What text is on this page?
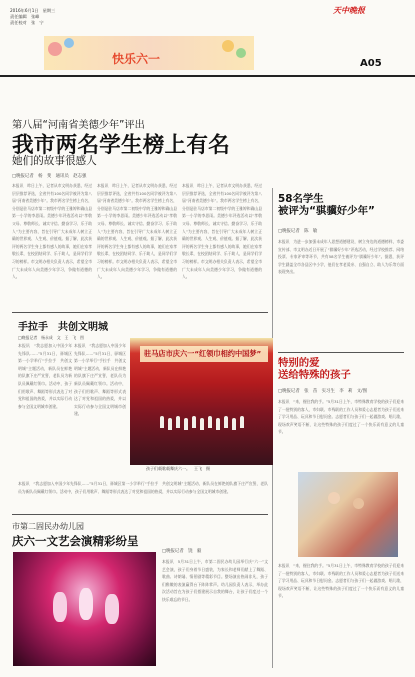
2016年6月1日　星期三
责任编辑　张峰
责任校对　张　宁
快乐六一
天中晚报
A05
第八届“河南省美德少年”评出
我市两名学生榜上有名
她们的故事很感人
□晚报记者　杨　斐　通讯员　赵志强
本报讯　昨日上午，记者从市文明办获悉，经过层层推荐评选，全省共有100名同学被评为第八届“河南省美德少年”。我市两名学生榜上有名，分别是驻马店市第二初级中学的王雅婷和确山县第一小学的李思雨。美德少年评选活动以“孝敬父母、尊敬师长、诚实守信、勤奋学习、乐于助人”为主要内容，旨在引导广大未成年人树立正确的世界观、人生观、价值观。据了解，此次获评的两名学生身上都有感人的故事，她们在家孝敬长辈，在校团结同学、乐于助人，是同学们学习的榜样。市文明办相关负责人表示，希望全市广大未成年人向美德少年学习，争做有道德的人。
本报讯　昨日上午，记者从市文明办获悉，经过层层推荐评选，全省共有100名同学被评为第八届“河南省美德少年”。我市两名学生榜上有名，分别是驻马店市第二初级中学的王雅婷和确山县第一小学的李思雨。美德少年评选活动以“孝敬父母、尊敬师长、诚实守信、勤奋学习、乐于助人”为主要内容，旨在引导广大未成年人树立正确的世界观、人生观、价值观。据了解，此次获评的两名学生身上都有感人的故事，她们在家孝敬长辈，在校团结同学、乐于助人，是同学们学习的榜样。市文明办相关负责人表示，希望全市广大未成年人向美德少年学习，争做有道德的人。
本报讯　昨日上午，记者从市文明办获悉，经过层层推荐评选，全省共有100名同学被评为第八届“河南省美德少年”。我市两名学生榜上有名，分别是驻马店市第二初级中学的王雅婷和确山县第一小学的李思雨。美德少年评选活动以“孝敬父母、尊敬师长、诚实守信、勤奋学习、乐于助人”为主要内容，旨在引导广大未成年人树立正确的世界观、人生观、价值观。据了解，此次获评的两名学生身上都有感人的故事，她们在家孝敬长辈，在校团结同学、乐于助人，是同学们学习的榜样。市文明办相关负责人表示，希望全市广大未成年人向美德少年学习，争做有道德的人。
58名学生
被评为“骐骥好少年”
□晚报记者　陈　敏
本报讯　为进一步加强未成年人思想道德建设，树立身边的道德榜样，市委宣传部、市文明办近日开展了“骐骥好少年”评选活动，经过学校推荐、网络投票、专家评审等环节，共有58名学生被评为“骐骥好少年”。据悉，获评学生涵盖全市各县区中小学，他们在孝老爱亲、自强自立、助人为乐等方面表现突出。
特别的爱
送给特殊的孩子
□晚报记者　张　苗　实习生　李　莉　文/图
本报讯　“来，握住我的手。”5月31日上午，市特殊教育学校的孩子们迎来了一批特别的客人，市妇联、市残联的工作人员和爱心志愿者为孩子们送来了学习用品、玩具和节日慰问金。志愿者们与孩子们一起做游戏、唱儿歌，现场欢声笑语不断，让这些特殊的孩子们度过了一个快乐而有意义的儿童节。
本报讯　“来，握住我的手。”5月31日上午，市特殊教育学校的孩子们迎来了一批特别的客人，市妇联、市残联的工作人员和爱心志愿者为孩子们送来了学习用品、玩具和节日慰问金。志愿者们与孩子们一起做游戏、唱儿歌，现场欢声笑语不断，让这些特殊的孩子们度过了一个快乐而有意义的儿童节。
手拉手　共创文明城
□晚报记者　杨永成　文　王　飞　图
本报讯　“我志愿加入中国少年先锋队……”5月31日，驿城区第一小学举行“手拉手　共创文明城”主题活动，新队员在鲜艳的队旗下庄严宣誓，老队员为新队员佩戴红领巾。活动中，孩子们用歌声、舞蹈等形式表达了对党和祖国的热爱，并以实际行动参与全国文明城市创建。
本报讯　“我志愿加入中国少年先锋队……”5月31日，驿城区第一小学举行“手拉手　共创文明城”主题活动，新队员在鲜艳的队旗下庄严宣誓，老队员为新队员佩戴红领巾。活动中，孩子们用歌声、舞蹈等形式表达了对党和祖国的热爱，并以实际行动参与全国文明城市创建。
驻马店市庆六一“红领巾相约中国梦”
孩子们载歌载舞庆六一。　王飞　摄
本报讯　“我志愿加入中国少年先锋队……”5月31日，驿城区第一小学举行“手拉手　共创文明城”主题活动，新队员在鲜艳的队旗下庄严宣誓，老队员为新队员佩戴红领巾。活动中，孩子们用歌声、舞蹈等形式表达了对党和祖国的热爱，并以实际行动参与全国文明城市创建。
市第二固民办幼儿园
庆六一文艺会演精彩纷呈
□晚报记者　饶　毅
本报讯　5月31日上午，市第二固民办幼儿园举行庆“六一”文艺会演，孩子们身着节日盛装，为家长和老师们献上了舞蹈、歌曲、诗朗诵、情景剧等精彩节目。整场演出热闹非凡，孩子们稚嫩的表演赢得台下阵阵掌声。幼儿园负责人表示，举办此次活动旨在为孩子们搭建展示自我的舞台，让孩子们度过一个快乐难忘的节日。
